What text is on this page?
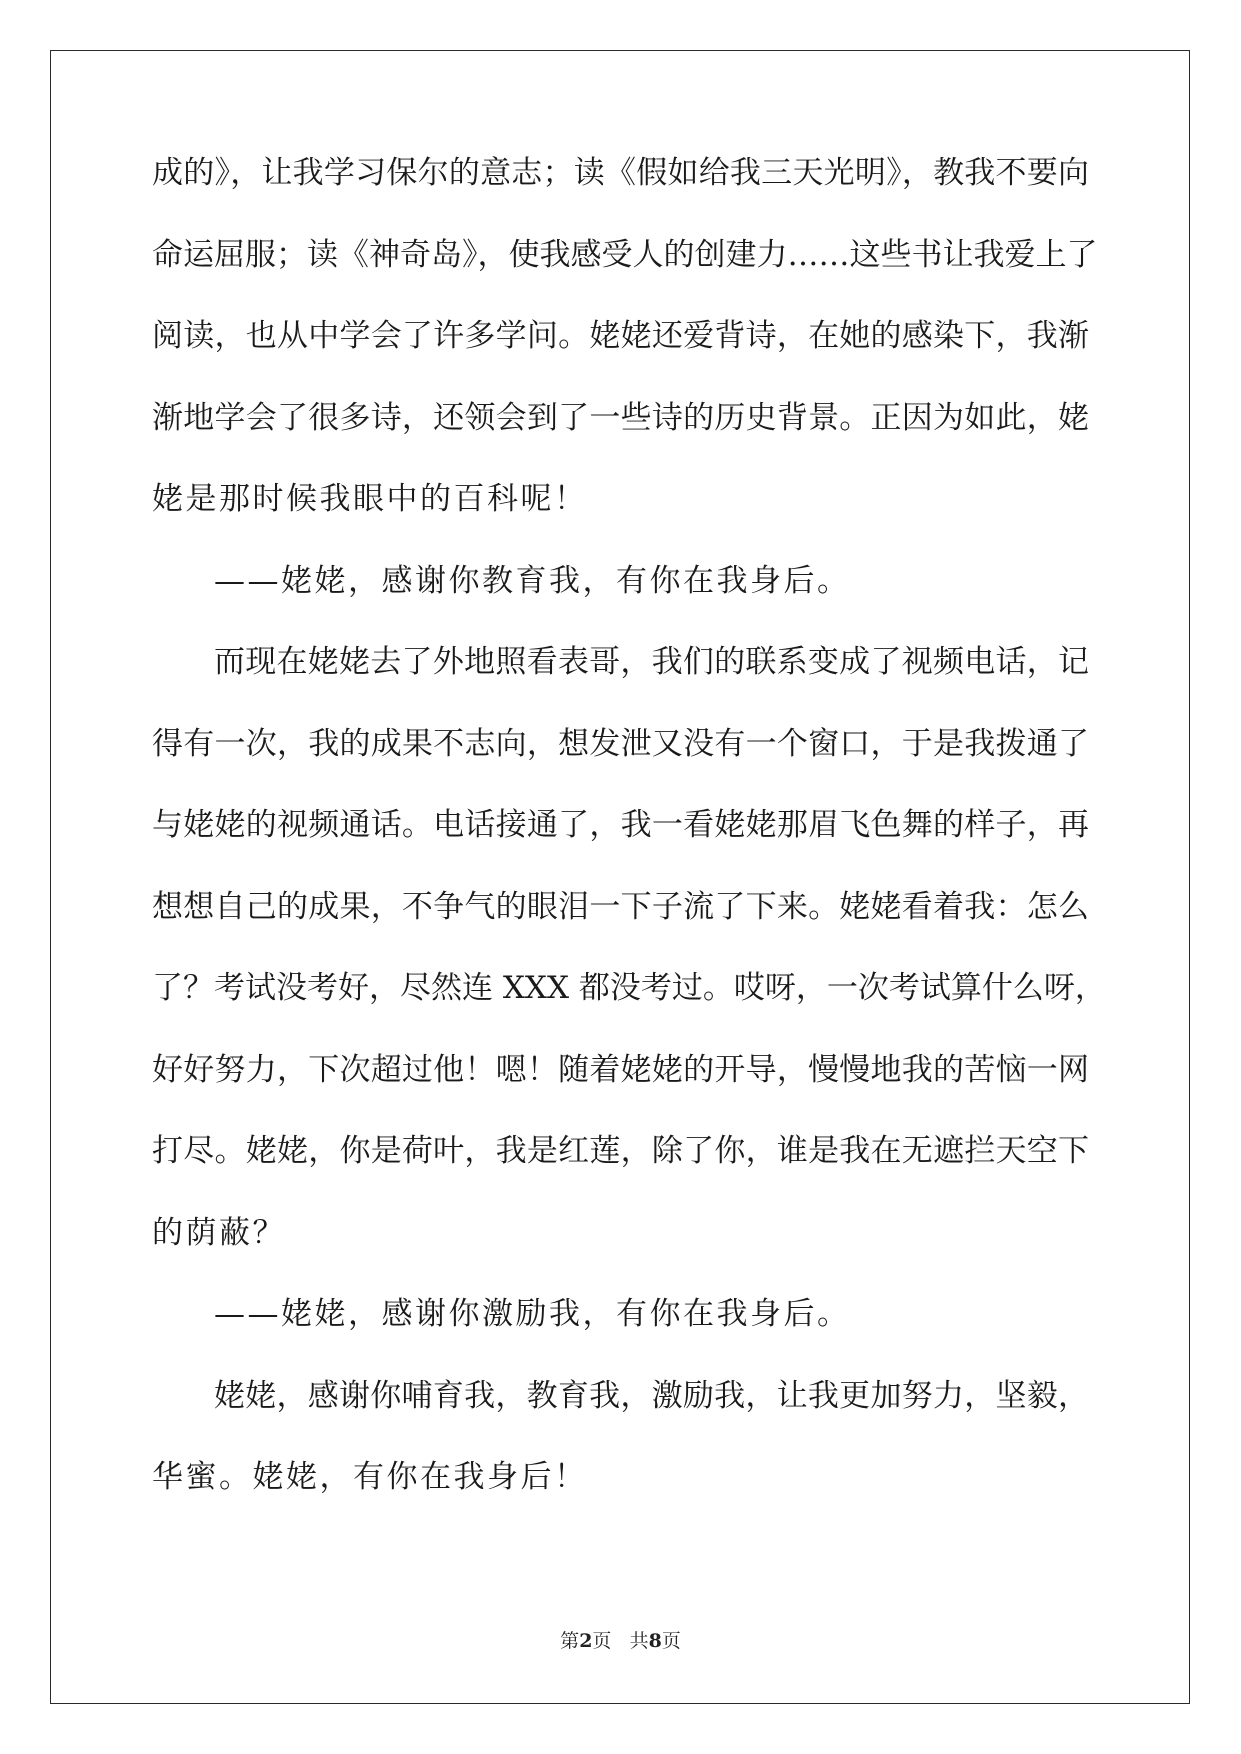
成的》，让我学习保尔的意志；读《假如给我三天光明》，教我不要向
命运屈服；读《神奇岛》，使我感受人的创建力……这些书让我爱上了
阅读，也从中学会了许多学问。姥姥还爱背诗，在她的感染下，我渐
渐地学会了很多诗，还领会到了一些诗的历史背景。正因为如此，姥
姥是那时候我眼中的百科呢！
——姥姥，感谢你教育我，有你在我身后。
而现在姥姥去了外地照看表哥，我们的联系变成了视频电话，记
得有一次，我的成果不志向，想发泄又没有一个窗口，于是我拨通了
与姥姥的视频通话。电话接通了，我一看姥姥那眉飞色舞的样子，再
想想自己的成果，不争气的眼泪一下子流了下来。姥姥看着我：怎么
了？考试没考好，尽然连 XXX 都没考过。哎呀，一次考试算什么呀，
好好努力，下次超过他！嗯！随着姥姥的开导，慢慢地我的苦恼一网
打尽。姥姥，你是荷叶，我是红莲，除了你，谁是我在无遮拦天空下
的荫蔽？
——姥姥，感谢你激励我，有你在我身后。
姥姥，感谢你哺育我，教育我，激励我，让我更加努力，坚毅，
华蜜。姥姥，有你在我身后！
第2页 共8页
